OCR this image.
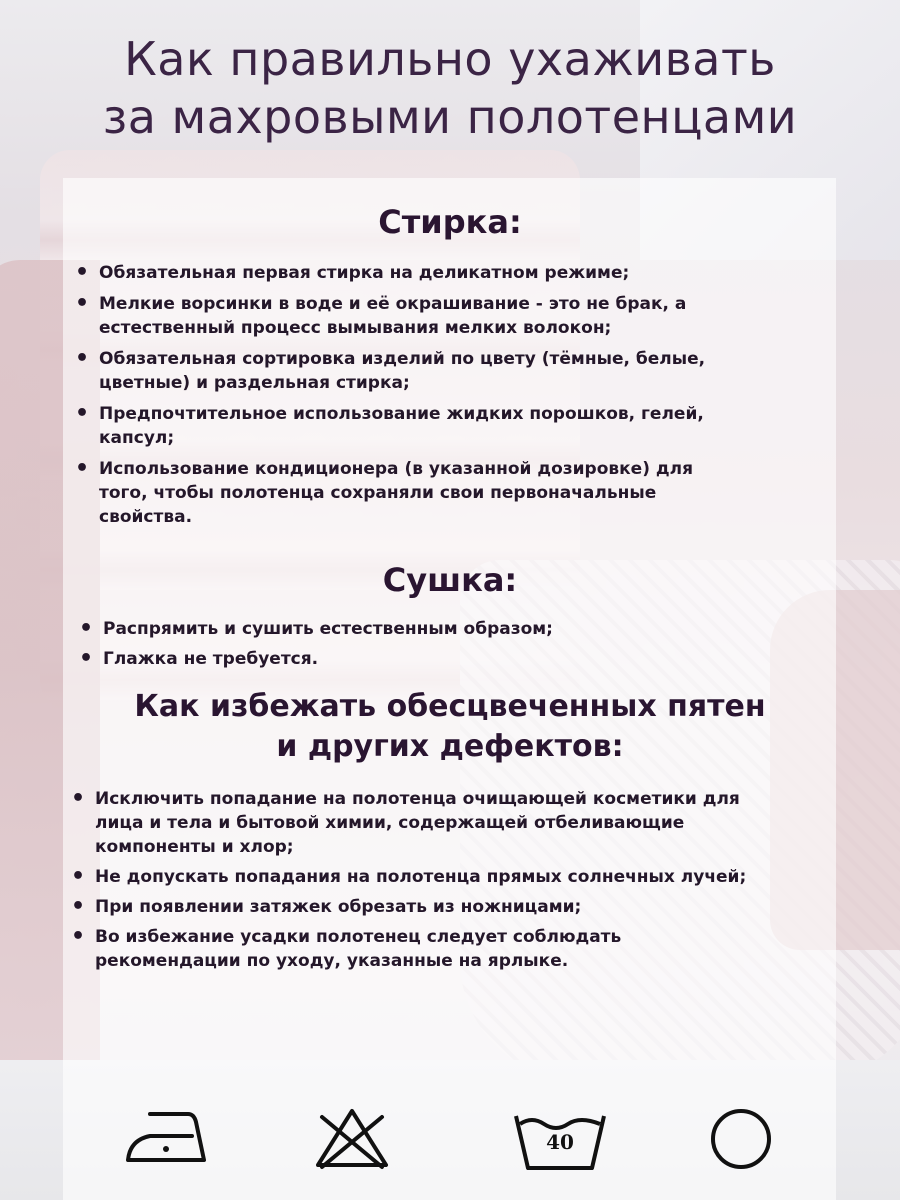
Как правильно ухаживать
за махровыми полотенцами
Стирка:
• Обязательная первая стирка на деликатном режиме;
• Мелкие ворсинки в воде и её окрашивание - это не брак, а
естественный процесс вымывания мелких волокон;
• Обязательная сортировка изделий по цвету (тёмные, белые,
цветные) и раздельная стирка;
• Предпочтительное использование жидких порошков, гелей,
капсул;
• Использование кондиционера (в указанной дозировке) для
того, чтобы полотенца сохраняли свои первоначальные
свойства.
Сушка:
• Распрямить и сушить естественным образом;
• Глажка не требуется.
Как избежать обесцвеченных пятен
и других дефектов:
• Исключить попадание на полотенца очищающей косметики для
лица и тела и бытовой химии, содержащей отбеливающие
компоненты и хлор;
• Не допускать попадания на полотенца прямых солнечных лучей;
• При появлении затяжек обрезать из ножницами;
• Во избежание усадки полотенец следует соблюдать
рекомендации по уходу, указанные на ярлыке.
40
